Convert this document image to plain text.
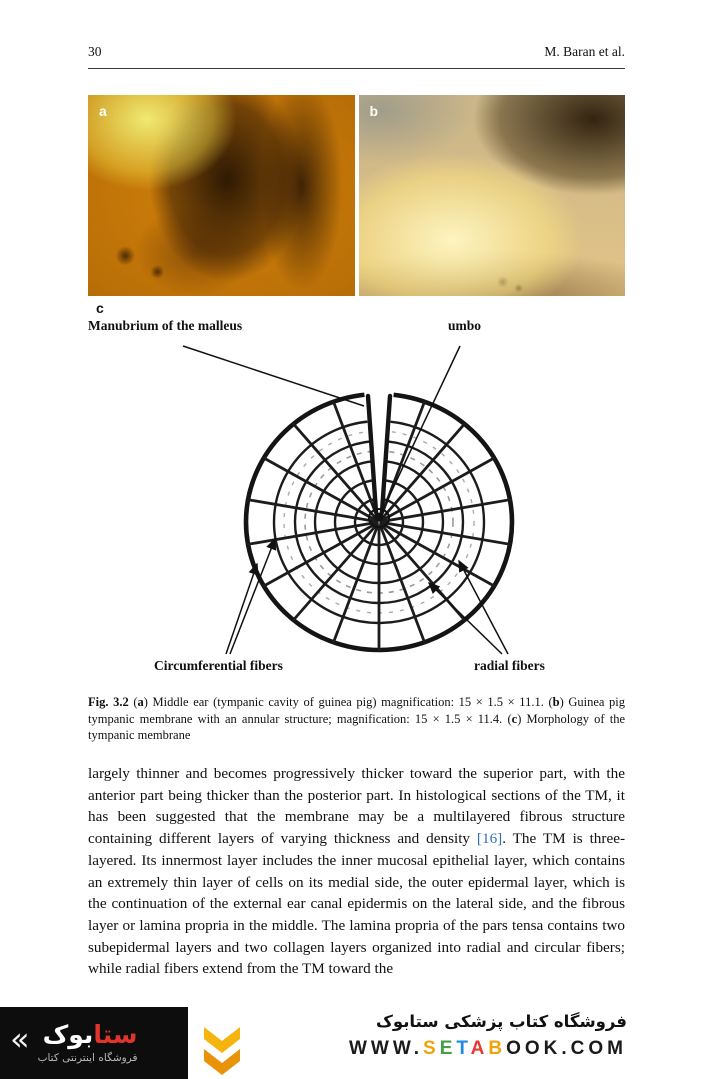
30	M. Baran et al.
a	b
c
Manubrium of the malleus	umbo
Circumferential fibers	radial fibers
Fig. 3.2 (a) Middle ear (tympanic cavity of guinea pig) magnification: 15 × 1.5 × 11.1. (b) Guinea pig tympanic membrane with an annular structure; magnification: 15 × 1.5 × 11.4. (c) Morphology of the tympanic membrane
largely thinner and becomes progressively thicker toward the superior part, with the anterior part being thicker than the posterior part. In histological sections of the TM, it has been suggested that the membrane may be a multilayered fibrous structure containing different layers of varying thickness and density [16]. The TM is three-layered. Its innermost layer includes the inner mucosal epithelial layer, which contains an extremely thin layer of cells on its medial side, the outer epidermal layer, which is the continuation of the external ear canal epidermis on the lateral side, and the fibrous layer or lamina propria in the middle. The lamina propria of the pars tensa contains two subepidermal layers and two collagen layers organized into radial and circular fibers; while radial fibers extend from the TM toward the
«	ستابوک
فروشگاه اینترنتی کتاب
فروشگاه کتاب پزشکی ستابوک
WWW.SETABOOK.COM
